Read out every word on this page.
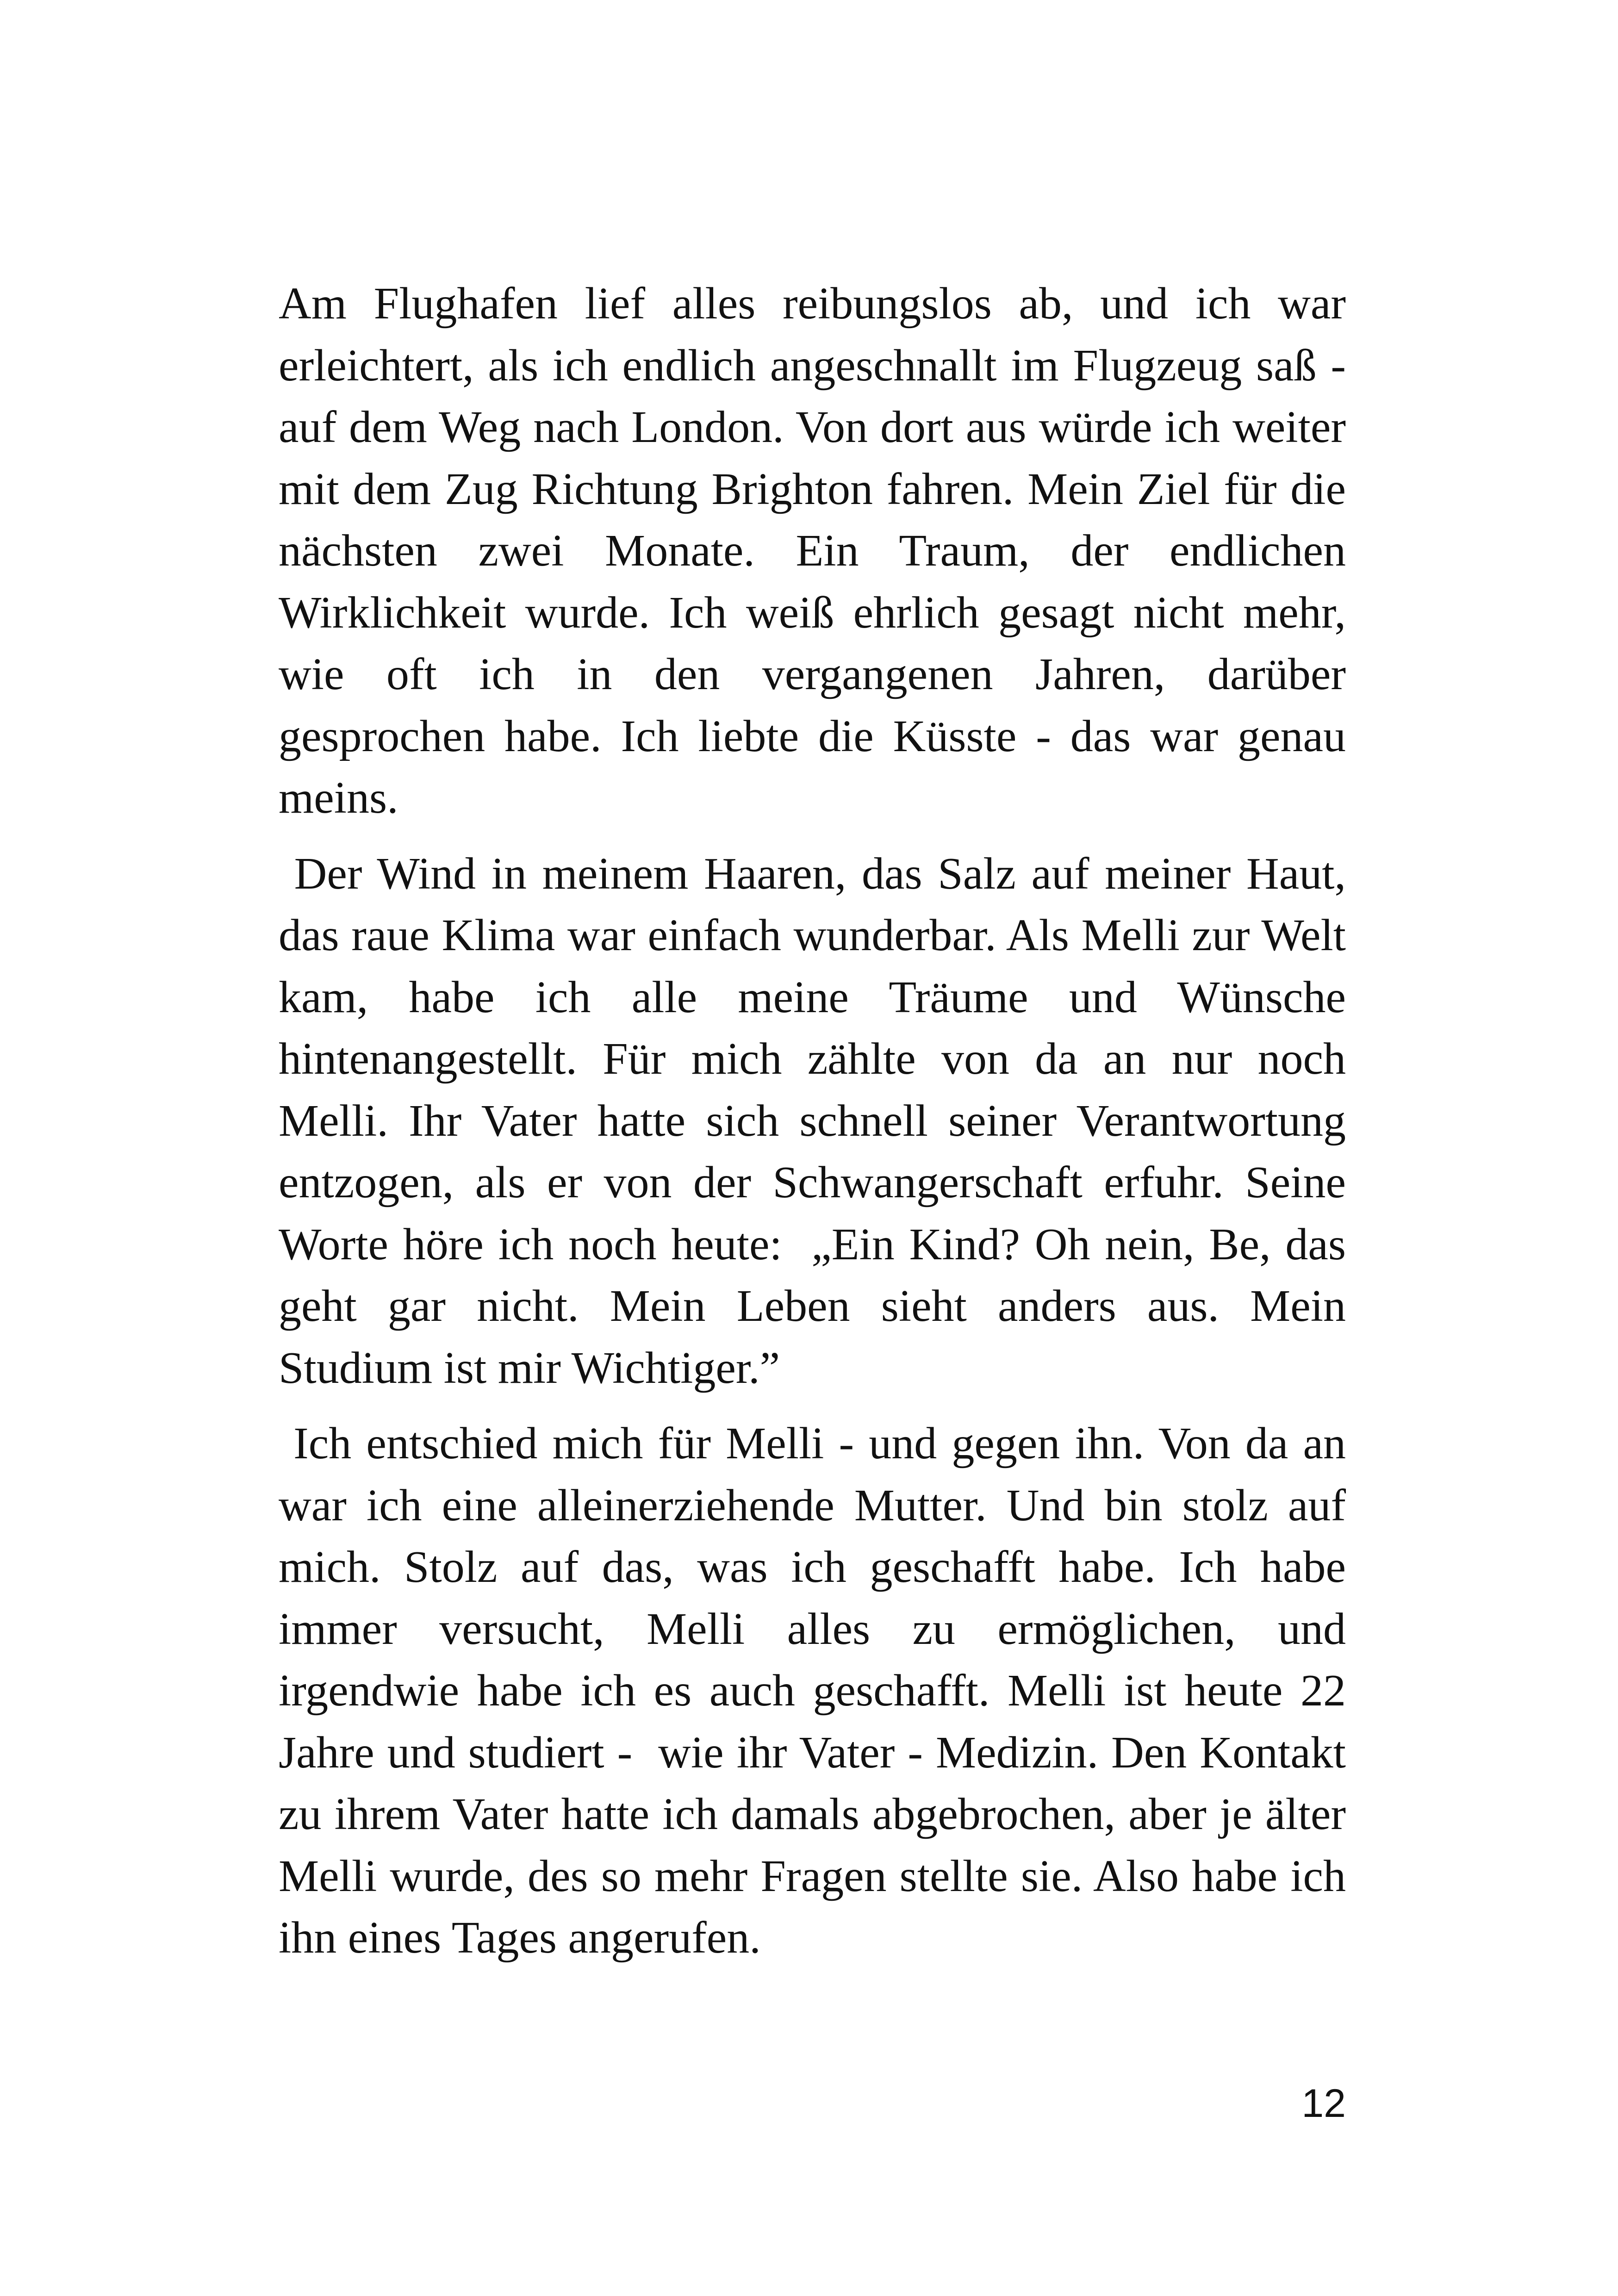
Am Flughafen lief alles reibungslos ab, und ich war erleichtert, als ich endlich angeschnallt im Flugzeug saß - auf dem Weg nach London. Von dort aus würde ich weiter mit dem Zug Richtung Brighton fahren. Mein Ziel für die nächsten zwei Monate. Ein Traum, der endlichen Wirklichkeit wurde. Ich weiß ehrlich gesagt nicht mehr, wie oft ich in den vergangenen Jahren, darüber gesprochen habe. Ich liebte die Küsste - das war genau meins.

Der Wind in meinem Haaren, das Salz auf meiner Haut, das raue Klima war einfach wunderbar. Als Melli zur Welt kam, habe ich alle meine Träume und Wünsche hintenangestellt. Für mich zählte von da an nur noch Melli. Ihr Vater hatte sich schnell seiner Verantwortung entzogen, als er von der Schwangerschaft erfuhr. Seine Worte höre ich noch heute:  „Ein Kind? Oh nein, Be, das geht gar nicht. Mein Leben sieht anders aus. Mein Studium ist mir Wichtiger.”

Ich entschied mich für Melli - und gegen ihn. Von da an war ich eine alleinerziehende Mutter. Und bin stolz auf mich. Stolz auf das, was ich geschafft habe. Ich habe immer versucht, Melli alles zu ermöglichen, und irgendwie habe ich es auch geschafft. Melli ist heute 22 Jahre und studiert -  wie ihr Vater - Medizin. Den Kontakt zu ihrem Vater hatte ich damals abgebrochen, aber je älter Melli wurde, des so mehr Fragen stellte sie. Also habe ich ihn eines Tages angerufen.

12
